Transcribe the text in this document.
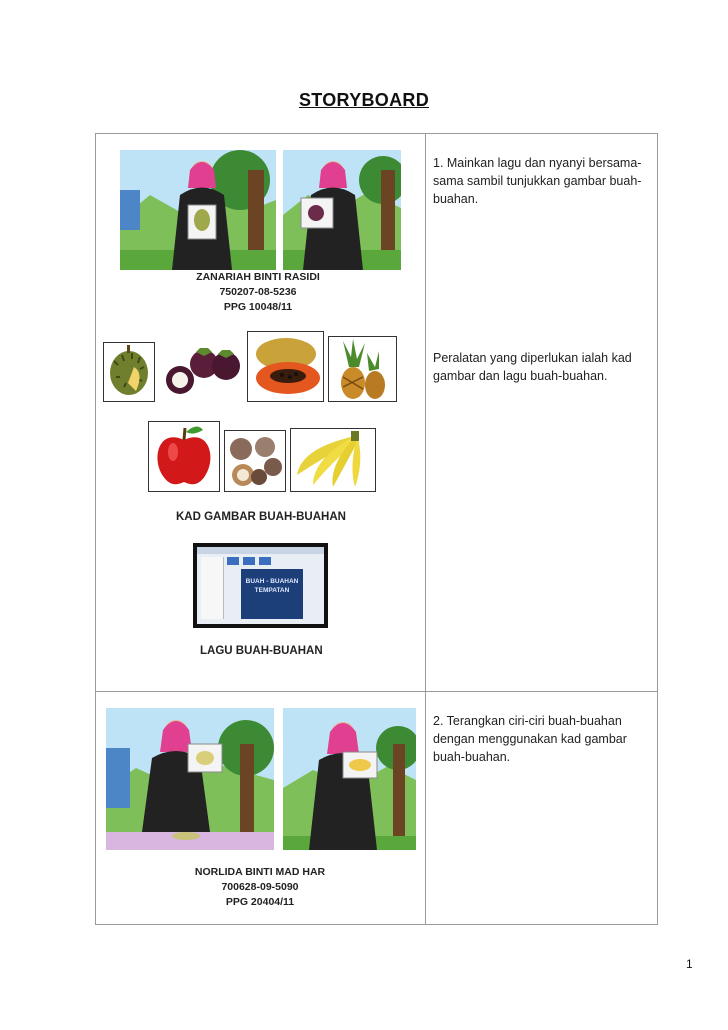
STORYBOARD
1. Mainkan lagu dan nyanyi bersama-sama sambil tunjukkan gambar buah-buahan.
Peralatan yang diperlukan ialah kad gambar dan lagu buah-buahan.
2. Terangkan ciri-ciri buah-buahan dengan menggunakan kad gambar buah-buahan.
ZANARIAH BINTI RASIDI
750207-08-5236
PPG 10048/11
KAD GAMBAR BUAH-BUAHAN
BUAH - BUAHAN TEMPATAN
LAGU BUAH-BUAHAN
NORLIDA BINTI MAD HAR
700628-09-5090
PPG 20404/11
1
